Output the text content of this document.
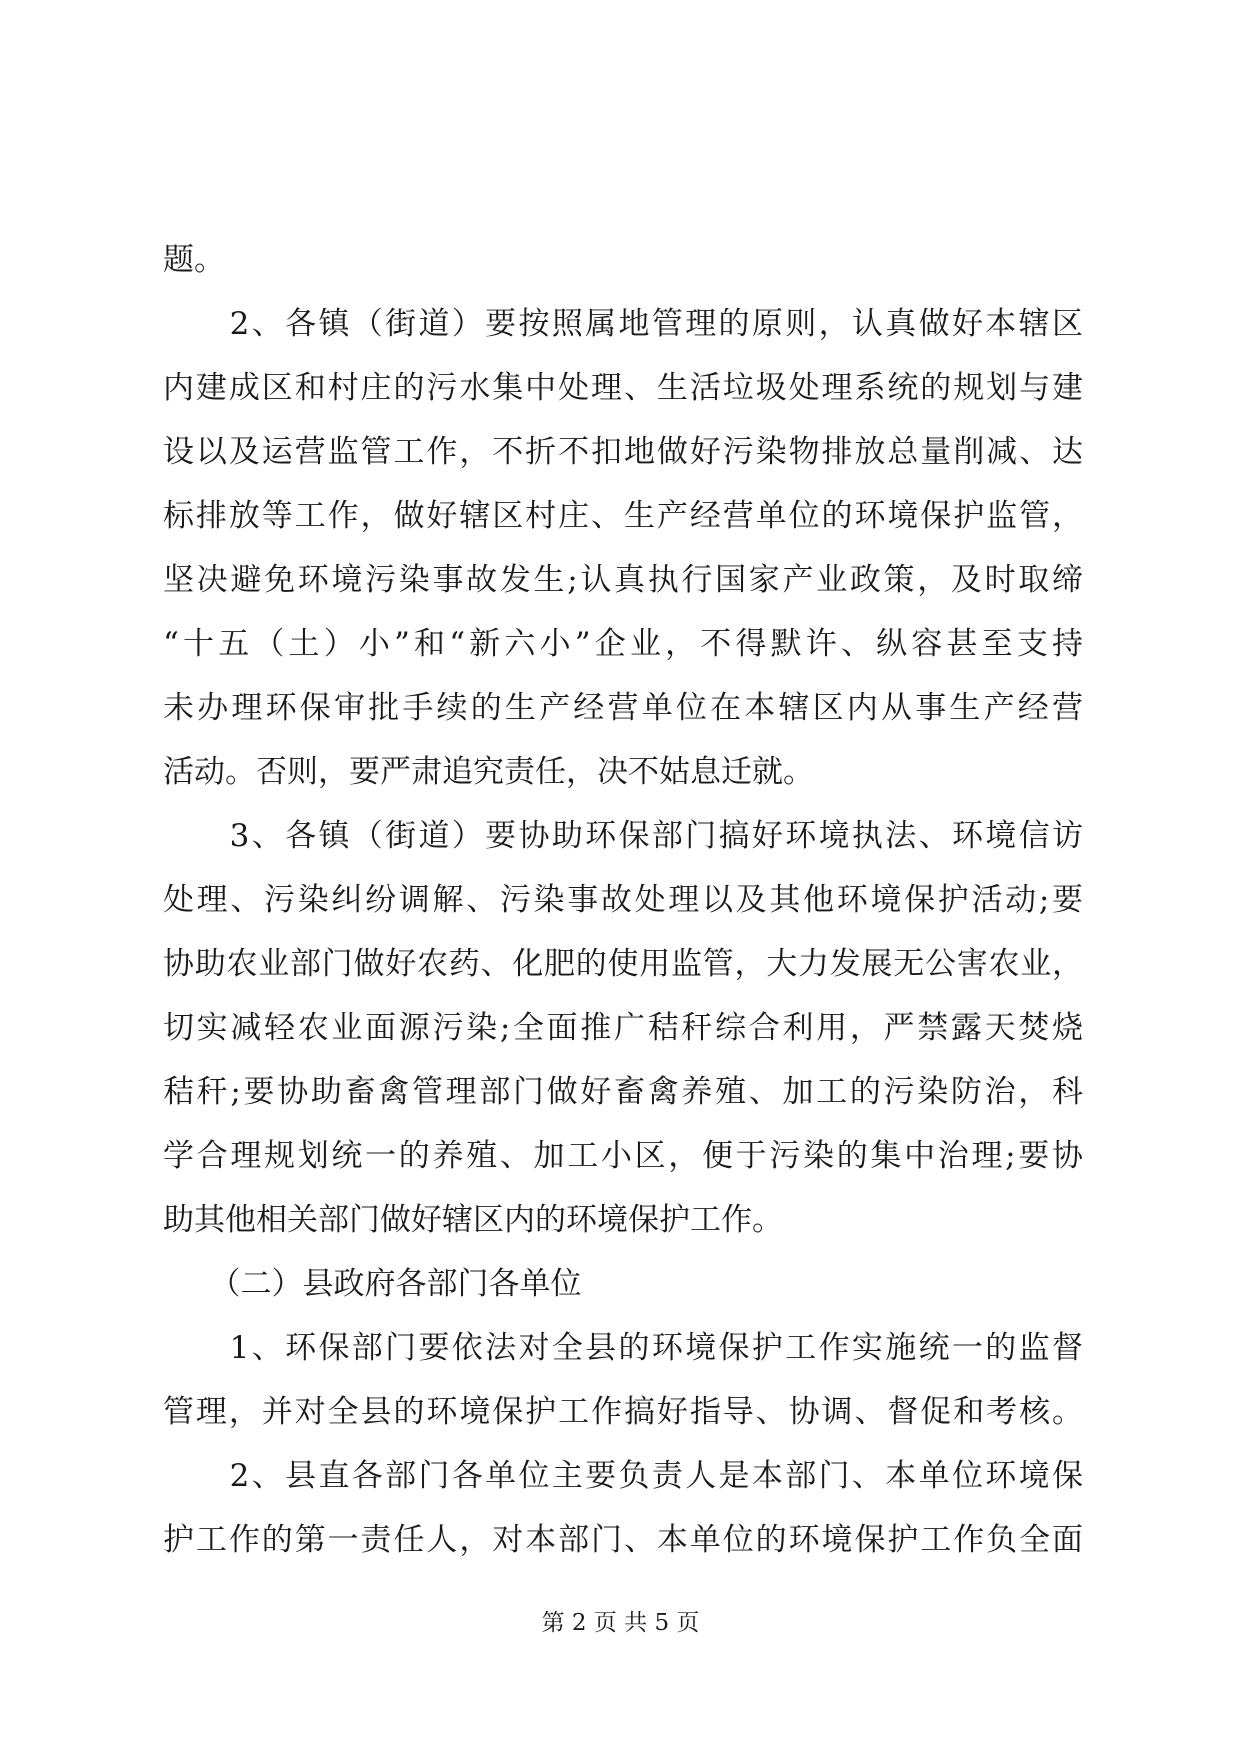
题。
　　2、各镇（街道）要按照属地管理的原则，认真做好本辖区
内建成区和村庄的污水集中处理、生活垃圾处理系统的规划与建
设以及运营监管工作，不折不扣地做好污染物排放总量削减、达
标排放等工作，做好辖区村庄、生产经营单位的环境保护监管，
坚决避免环境污染事故发生;认真执行国家产业政策，及时取缔
“十五（土）小”和“新六小”企业，不得默许、纵容甚至支持
未办理环保审批手续的生产经营单位在本辖区内从事生产经营
活动。否则，要严肃追究责任，决不姑息迁就。
　　3、各镇（街道）要协助环保部门搞好环境执法、环境信访
处理、污染纠纷调解、污染事故处理以及其他环境保护活动;要
协助农业部门做好农药、化肥的使用监管，大力发展无公害农业，
切实减轻农业面源污染;全面推广秸秆综合利用，严禁露天焚烧
秸秆;要协助畜禽管理部门做好畜禽养殖、加工的污染防治，科
学合理规划统一的养殖、加工小区，便于污染的集中治理;要协
助其他相关部门做好辖区内的环境保护工作。
　　（二）县政府各部门各单位
　　1、环保部门要依法对全县的环境保护工作实施统一的监督
管理，并对全县的环境保护工作搞好指导、协调、督促和考核。
　　2、县直各部门各单位主要负责人是本部门、本单位环境保
护工作的第一责任人，对本部门、本单位的环境保护工作负全面
第 2 页 共 5 页
